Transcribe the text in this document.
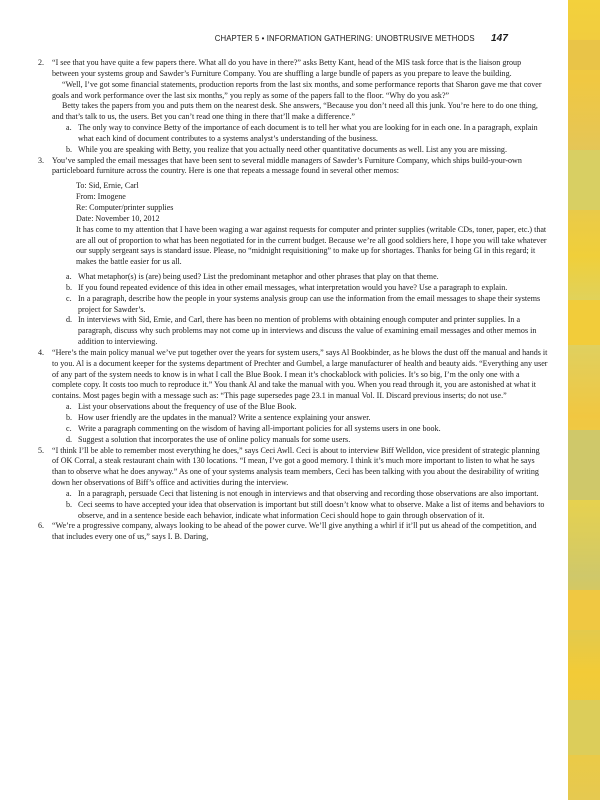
CHAPTER 5 • INFORMATION GATHERING: UNOBTRUSIVE METHODS 147
2. “I see that you have quite a few papers there. What all do you have in there?” asks Betty Kant, head of the MIS task force that is the liaison group between your systems group and Sawder’s Furniture Company. You are shuffling a large bundle of papers as you prepare to leave the building.

“Well, I’ve got some financial statements, production reports from the last six months, and some performance reports that Sharon gave me that cover goals and work performance over the last six months,” you reply as some of the papers fall to the floor. “Why do you ask?”

Betty takes the papers from you and puts them on the nearest desk. She answers, “Because you don’t need all this junk. You’re here to do one thing, and that’s talk to us, the users. Bet you can’t read one thing in there that’ll make a difference.”

a. The only way to convince Betty of the importance of each document is to tell her what you are looking for in each one. In a paragraph, explain what each kind of document contributes to a systems analyst’s understanding of the business.
b. While you are speaking with Betty, you realize that you actually need other quantitative documents as well. List any you are missing.
3. You’ve sampled the email messages that have been sent to several middle managers of Sawder’s Furniture Company, which ships build-your-own particleboard furniture across the country. Here is one that repeats a message found in several other memos:

To: Sid, Ernie, Carl
From: Imogene
Re: Computer/printer supplies
Date: November 10, 2012
It has come to my attention that I have been waging a war against requests for computer and printer supplies (writable CDs, toner, paper, etc.) that are all out of proportion to what has been negotiated for in the current budget. Because we’re all good soldiers here, I hope you will take whatever our supply sergeant says is standard issue. Please, no “midnight requisitioning” to make up for shortages. Thanks for being GI in this regard; it makes the battle easier for us all.
a. What metaphor(s) is (are) being used? List the predominant metaphor and other phrases that play on that theme.
b. If you found repeated evidence of this idea in other email messages, what interpretation would you have? Use a paragraph to explain.
c. In a paragraph, describe how the people in your systems analysis group can use the information from the email messages to shape their systems project for Sawder’s.
d. In interviews with Sid, Ernie, and Carl, there has been no mention of problems with obtaining enough computer and printer supplies. In a paragraph, discuss why such problems may not come up in interviews and discuss the value of examining email messages and other memos in addition to interviewing.
4. “Here’s the main policy manual we’ve put together over the years for system users,” says Al Bookbinder, as he blows the dust off the manual and hands it to you. Al is a document keeper for the systems department of Prechter and Gumbel, a large manufacturer of health and beauty aids. “Everything any user of any part of the system needs to know is in what I call the Blue Book. I mean it’s chockablock with policies. It’s so big, I’m the only one with a complete copy. It costs too much to reproduce it.” You thank Al and take the manual with you. When you read through it, you are astonished at what it contains. Most pages begin with a message such as: “This page supersedes page 23.1 in manual Vol. II. Discard previous inserts; do not use.”

a. List your observations about the frequency of use of the Blue Book.
b. How user friendly are the updates in the manual? Write a sentence explaining your answer.
c. Write a paragraph commenting on the wisdom of having all-important policies for all systems users in one book.
d. Suggest a solution that incorporates the use of online policy manuals for some users.
5. “I think I’ll be able to remember most everything he does,” says Ceci Awll. Ceci is about to interview Biff Welldon, vice president of strategic planning of OK Corral, a steak restaurant chain with 130 locations. “I mean, I’ve got a good memory. I think it’s much more important to listen to what he says than to observe what he does anyway.” As one of your systems analysis team members, Ceci has been talking with you about the desirability of writing down her observations of Biff’s office and activities during the interview.

a. In a paragraph, persuade Ceci that listening is not enough in interviews and that observing and recording those observations are also important.
b. Ceci seems to have accepted your idea that observation is important but still doesn’t know what to observe. Make a list of items and behaviors to observe, and in a sentence beside each behavior, indicate what information Ceci should hope to gain through observation of it.
6. “We’re a progressive company, always looking to be ahead of the power curve. We’ll give anything a whirl if it’ll put us ahead of the competition, and that includes every one of us,” says I. B. Daring,
